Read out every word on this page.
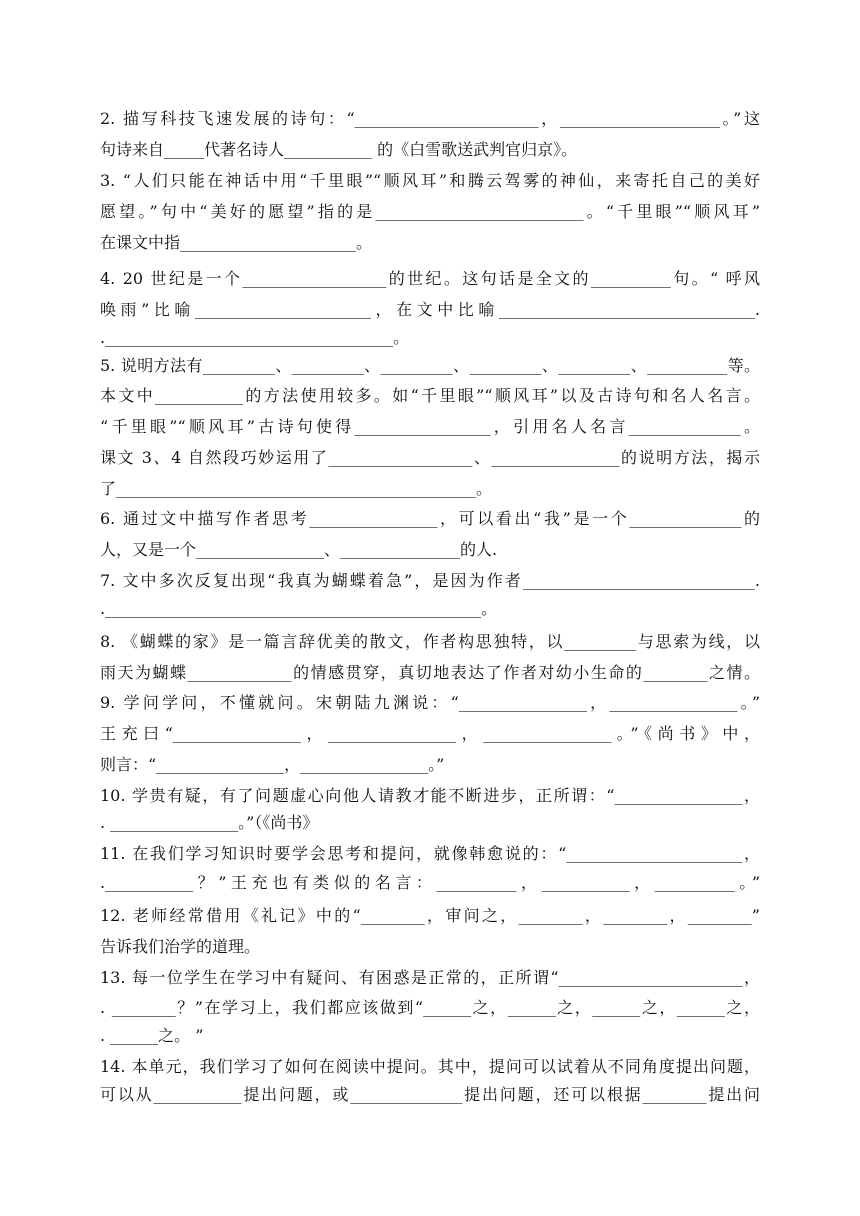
2. 描写科技飞速发展的诗句：“_______________________，____________________。”这
句诗来自_____代著名诗人___________ 的《白雪歌送武判官归京》。
3. “人们只能在神话中用“千里眼”“顺风耳”和腾云驾雾的神仙，来寄托自己的美好
愿望。”句中“美好的愿望”指的是__________________________。“千里眼”“顺风耳”
在课文中指______________________。
4. 20 世纪是一个__________________的世纪。这句话是全文的__________句。“ 呼风
唤雨”比喻______________________，在文中比喻________________________________.
.____________________________________。
5. 说明方法有_________、_________、_________、_________、_________、__________等。
本文中___________的方法使用较多。如“千里眼”“顺风耳”以及古诗句和名人名言。
“千里眼”“顺风耳”古诗句使得_________________，引用名人名言______________。
课文 3、4 自然段巧妙运用了__________________、________________的说明方法，揭示
了_____________________________________________。
6. 通过文中描写作者思考________________，可以看出“我”是一个______________的
人，又是一个________________、_______________的人.
7. 文中多次反复出现“我真为蝴蝶着急”，是因为作者_____________________________.
._______________________________________________。
8. 《蝴蝶的家》是一篇言辞优美的散文，作者构思独特，以_________与思索为线，以
雨天为蝴蝶_____________的情感贯穿，真切地表达了作者对幼小生命的________之情。
9. 学问学问，不懂就问。宋朝陆九渊说：“________________，________________。”
王充曰“________________，________________，________________。”《尚书》中，
则言：“________________，________________。”
10. 学贵有疑，有了问题虚心向他人请教才能不断进步，正所谓：“________________，
. ________________。”（《尚书》
11. 在我们学习知识时要学会思考和提问，就像韩愈说的：“______________________，
.___________？”王充也有类似的名言：__________，___________，__________。”
12. 老师经常借用《礼记》中的“________，审问之，________，________，________”
告诉我们治学的道理。
13. 每一位学生在学习中有疑问、有困惑是正常的，正所谓“_______________________，
. ________？”在学习上，我们都应该做到“______之，______之，______之，______之，
. ______之。 ”
14. 本单元，我们学习了如何在阅读中提问。其中，提问可以试着从不同角度提出问题，
可以从___________提出问题，或______________提出问题，还可以根据________提出问
